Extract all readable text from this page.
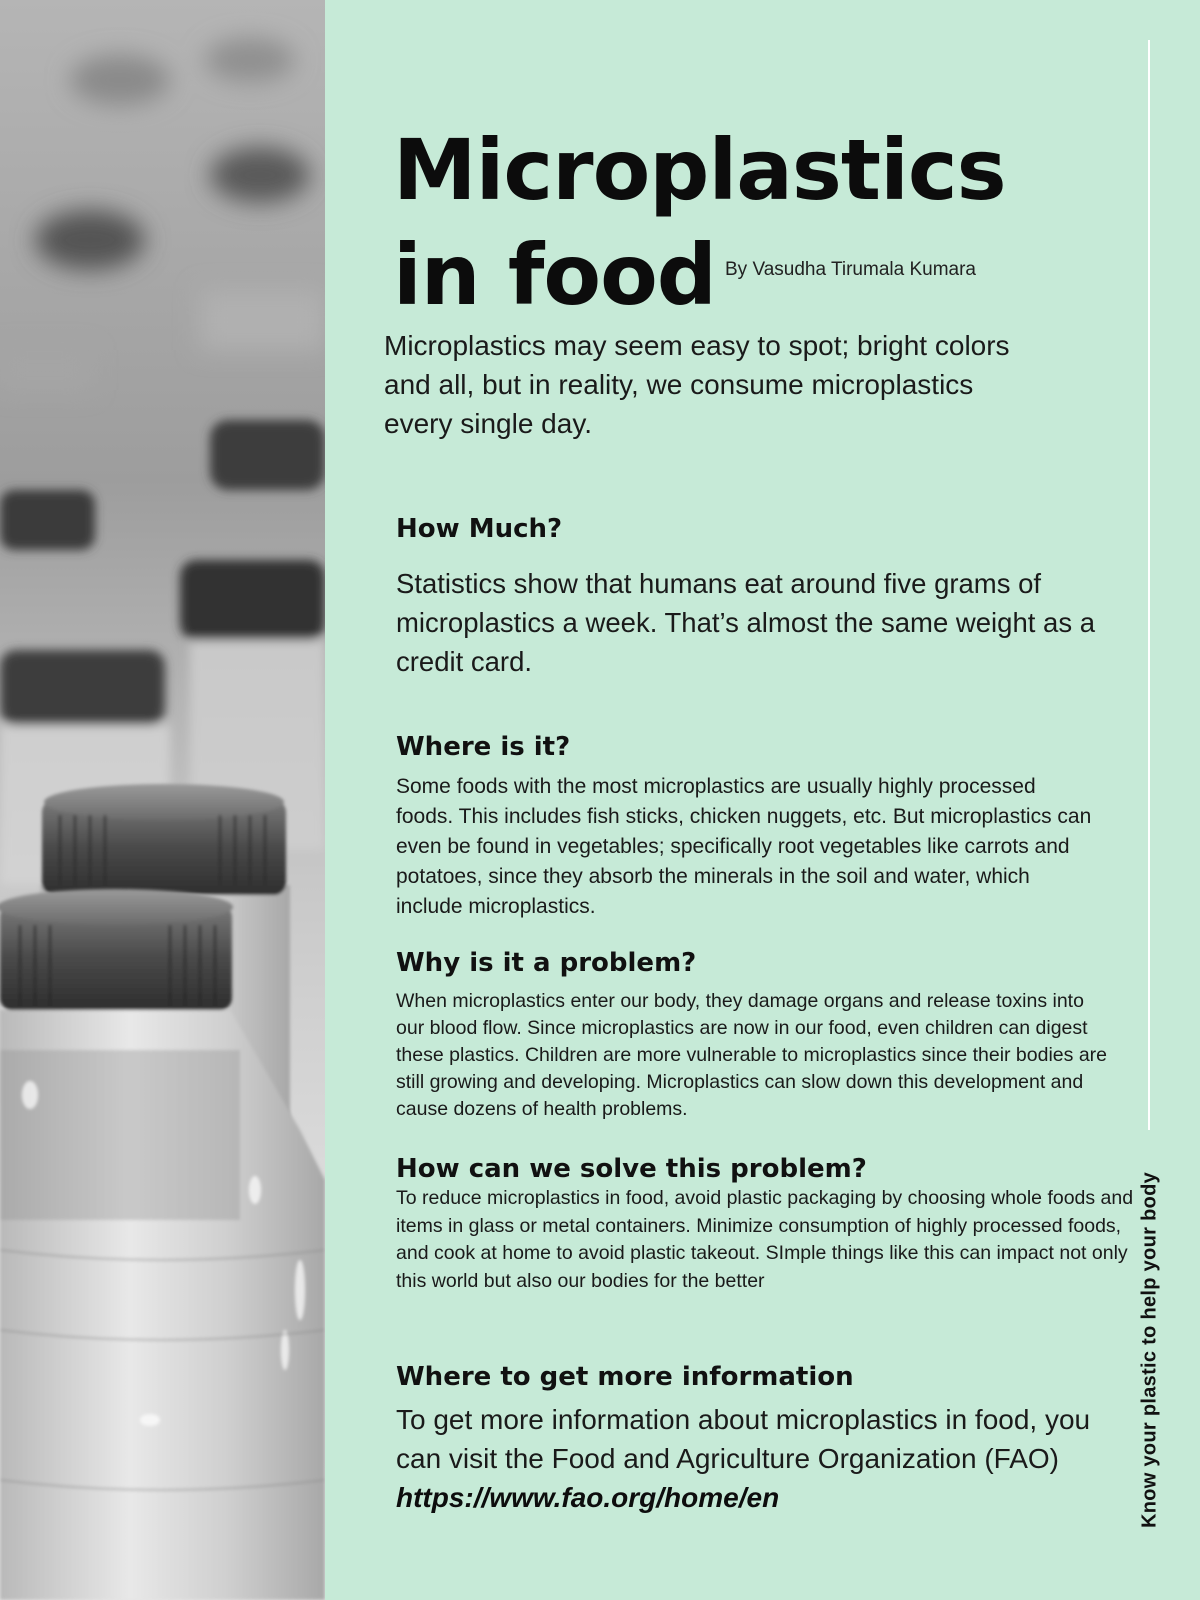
Microplastics
in food By Vasudha Tirumala Kumara
Microplastics may seem easy to spot; bright colors and all, but in reality, we consume microplastics every single day.
How Much?

Statistics show that humans eat around five grams of microplastics a week. That’s almost the same weight as a credit card.

Where is it?

Some foods with the most microplastics are usually highly processed foods. This includes fish sticks, chicken nuggets, etc. But microplastics can even be found in vegetables; specifically root vegetables like carrots and potatoes, since they absorb the minerals in the soil and water, which include microplastics.

Why is it a problem?

When microplastics enter our body, they damage organs and release toxins into our blood flow. Since microplastics are now in our food, even children can digest these plastics. Children are more vulnerable to microplastics since their bodies are still growing and developing. Microplastics can slow down this development and cause dozens of health problems.

How can we solve this problem?

To reduce microplastics in food, avoid plastic packaging by choosing whole foods and items in glass or metal containers. Minimize consumption of highly processed foods, and cook at home to avoid plastic takeout. SImple things like this can impact not only this world but also our bodies for the better

Where to get more information

To get more information about microplastics in food, you can visit the Food and Agriculture Organization (FAO) https://www.fao.org/home/en	Know your plastic to help your body
